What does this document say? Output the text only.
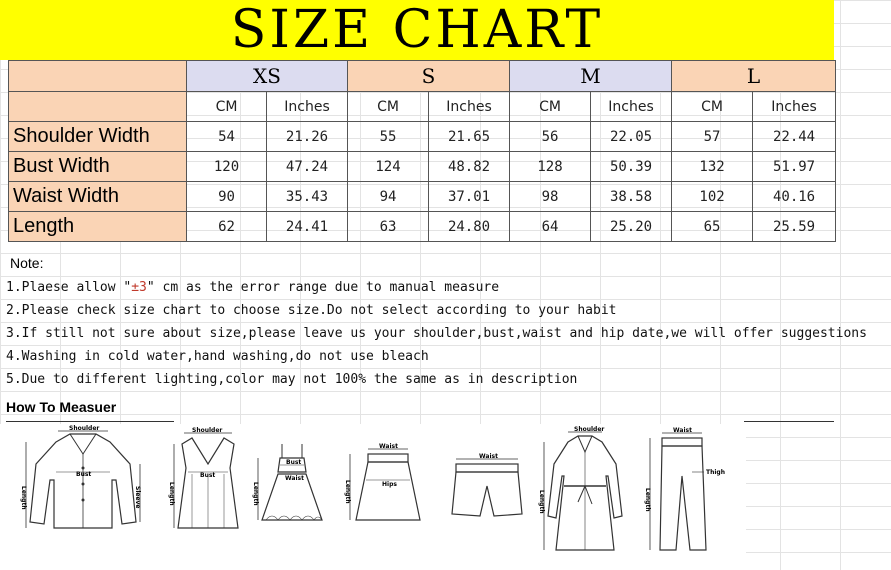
SIZE CHART
	XS		S		M		L	
	CM	Inches	CM	Inches	CM	Inches	CM	Inches
Shoulder Width	54	21.26	55	21.65	56	22.05	57	22.44
Bust Width	120	47.24	124	48.82	128	50.39	132	51.97
Waist Width	90	35.43	94	37.01	98	38.58	102	40.16
Length	62	24.41	63	24.80	64	25.20	65	25.59
Note:
1.Plaese allow "±3" cm as the error range due to manual measure
2.Please check size chart to choose size.Do not select according to your habit
3.If still not sure about size,please leave us your shoulder,bust,waist and hip date,we will offer suggestions
4.Washing in cold water,hand washing,do not use bleach
5.Due to different lighting,color may not 100% the same as in description
How To Measuer
Shoulder
Bust
Length	Sleeve
Shoulder
Bust
Length
Bust
Waist
Length
Waist
Hips
Length
Waist
Shoulder
Length
Waist
Thigh
Length
